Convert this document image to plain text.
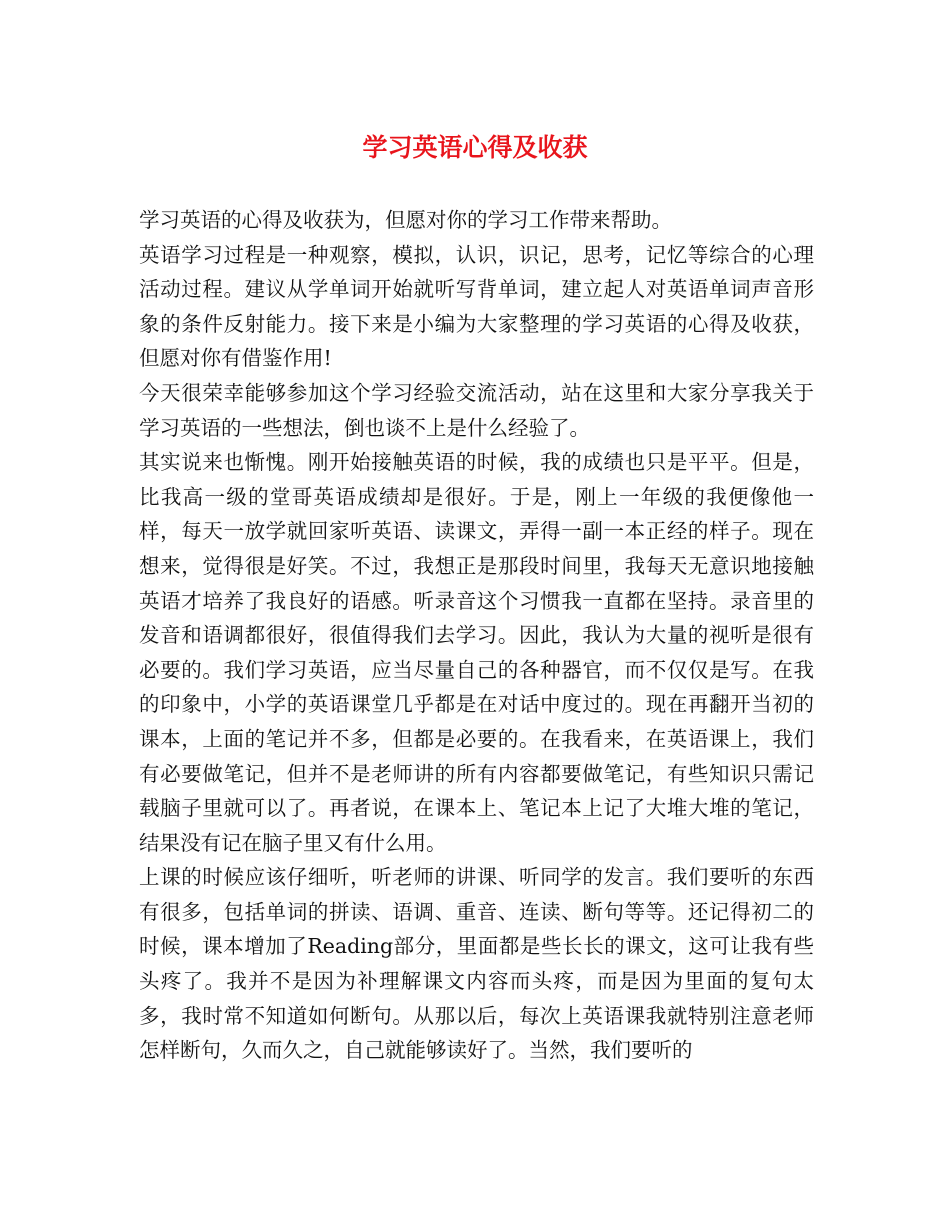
学习英语心得及收获

学习英语的心得及收获为，但愿对你的学习工作带来帮助。

英语学习过程是一种观察，模拟，认识，识记，思考，记忆等综合的心理活动过程。建议从学单词开始就听写背单词，建立起人对英语单词声音形象的条件反射能力。接下来是小编为大家整理的学习英语的心得及收获，但愿对你有借鉴作用!

今天很荣幸能够参加这个学习经验交流活动，站在这里和大家分享我关于学习英语的一些想法，倒也谈不上是什么经验了。

其实说来也惭愧。刚开始接触英语的时候，我的成绩也只是平平。但是，比我高一级的堂哥英语成绩却是很好。于是，刚上一年级的我便像他一样，每天一放学就回家听英语、读课文，弄得一副一本正经的样子。现在想来，觉得很是好笑。不过，我想正是那段时间里，我每天无意识地接触英语才培养了我良好的语感。听录音这个习惯我一直都在坚持。录音里的发音和语调都很好，很值得我们去学习。因此，我认为大量的视听是很有必要的。我们学习英语，应当尽量自己的各种器官，而不仅仅是写。在我的印象中，小学的英语课堂几乎都是在对话中度过的。现在再翻开当初的课本，上面的笔记并不多，但都是必要的。在我看来，在英语课上，我们有必要做笔记，但并不是老师讲的所有内容都要做笔记，有些知识只需记载脑子里就可以了。再者说，在课本上、笔记本上记了大堆大堆的笔记，结果没有记在脑子里又有什么用。

上课的时候应该仔细听，听老师的讲课、听同学的发言。我们要听的东西有很多，包括单词的拼读、语调、重音、连读、断句等等。还记得初二的时候，课本增加了Reading部分，里面都是些长长的课文，这可让我有些头疼了。我并不是因为补理解课文内容而头疼，而是因为里面的复句太多，我时常不知道如何断句。从那以后，每次上英语课我就特别注意老师怎样断句，久而久之，自己就能够读好了。当然，我们要听的
